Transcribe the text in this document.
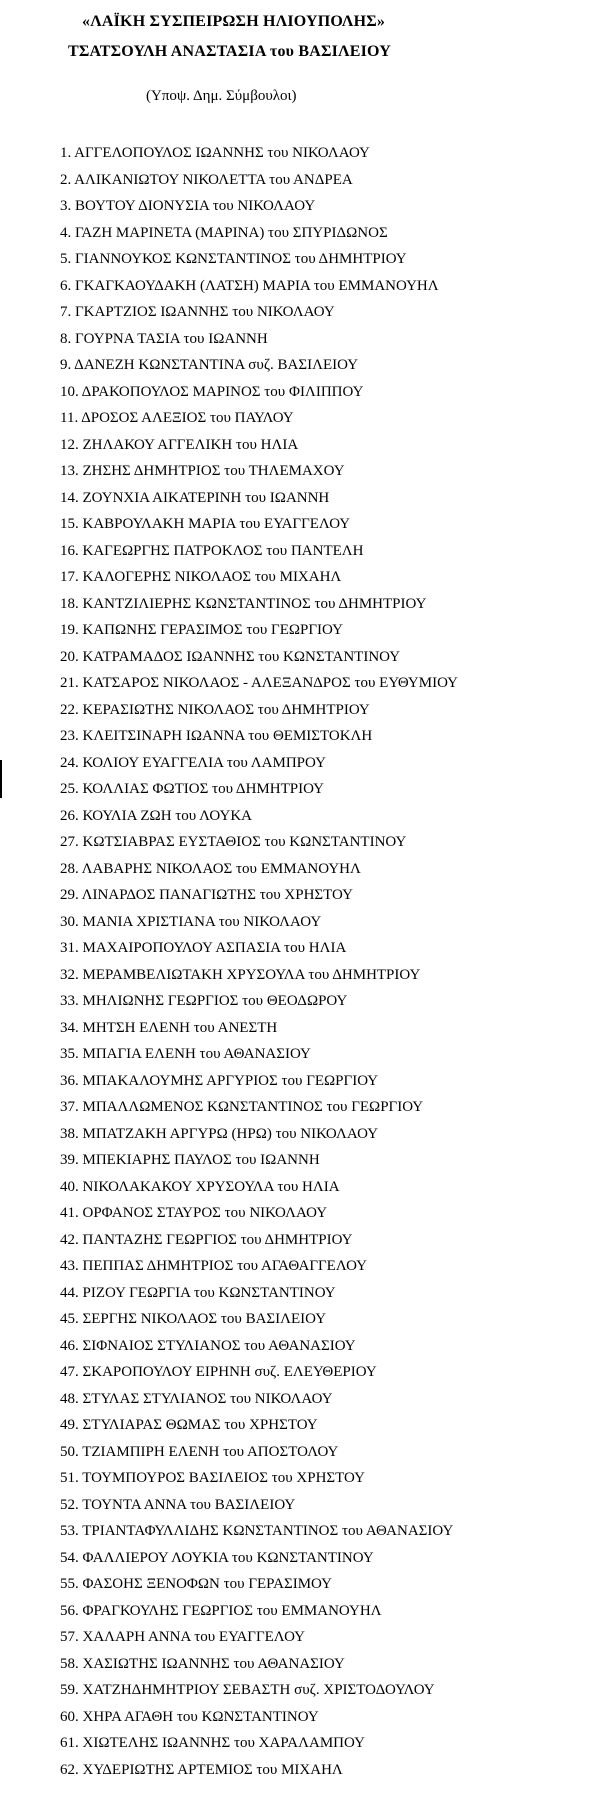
«ΛΑΪΚΗ ΣΥΣΠΕΙΡΩΣΗ ΗΛΙΟΥΠΟΛΗΣ»
ΤΣΑΤΣΟΥΛΗ ΑΝΑΣΤΑΣΙΑ του ΒΑΣΙΛΕΙΟΥ
(Υποψ. Δημ. Σύμβουλοι)
1. ΑΓΓΕΛΟΠΟΥΛΟΣ ΙΩΑΝΝΗΣ του ΝΙΚΟΛΑΟΥ
2. ΑΛΙΚΑΝΙΩΤΟΥ ΝΙΚΟΛΕΤΤΑ του ΑΝΔΡΕΑ
3. ΒΟΥΤΟΥ ΔΙΟΝΥΣΙΑ του ΝΙΚΟΛΑΟΥ
4. ΓΑΖΗ ΜΑΡΙΝΕΤΑ (ΜΑΡΙΝΑ) του ΣΠΥΡΙΔΩΝΟΣ
5. ΓΙΑΝΝΟΥΚΟΣ ΚΩΝΣΤΑΝΤΙΝΟΣ του ΔΗΜΗΤΡΙΟΥ
6. ΓΚΑΓΚΑΟΥΔΑΚΗ (ΛΑΤΣΗ) ΜΑΡΙΑ του ΕΜΜΑΝΟΥΗΛ
7. ΓΚΑΡΤΖΙΟΣ ΙΩΑΝΝΗΣ του ΝΙΚΟΛΑΟΥ
8. ΓΟΥΡΝΑ ΤΑΣΙΑ του ΙΩΑΝΝΗ
9. ΔΑΝΕΖΗ ΚΩΝΣΤΑΝΤΙΝΑ συζ. ΒΑΣΙΛΕΙΟΥ
10. ΔΡΑΚΟΠΟΥΛΟΣ ΜΑΡΙΝΟΣ του ΦΙΛΙΠΠΟΥ
11. ΔΡΟΣΟΣ ΑΛΕΞΙΟΣ του ΠΑΥΛΟΥ
12. ΖΗΛΑΚΟΥ ΑΓΓΕΛΙΚΗ του ΗΛΙΑ
13. ΖΗΣΗΣ ΔΗΜΗΤΡΙΟΣ του ΤΗΛΕΜΑΧΟΥ
14. ΖΟΥΝΧΙΑ ΑΙΚΑΤΕΡΙΝΗ του ΙΩΑΝΝΗ
15. ΚΑΒΡΟΥΛΑΚΗ ΜΑΡΙΑ του ΕΥΑΓΓΕΛΟΥ
16. ΚΑΓΕΩΡΓΗΣ ΠΑΤΡΟΚΛΟΣ του ΠΑΝΤΕΛΗ
17. ΚΑΛΟΓΕΡΗΣ ΝΙΚΟΛΑΟΣ του ΜΙΧΑΗΛ
18. ΚΑΝΤΖΙΛΙΕΡΗΣ ΚΩΝΣΤΑΝΤΙΝΟΣ του ΔΗΜΗΤΡΙΟΥ
19. ΚΑΠΩΝΗΣ ΓΕΡΑΣΙΜΟΣ του ΓΕΩΡΓΙΟΥ
20. ΚΑΤΡΑΜΑΔΟΣ ΙΩΑΝΝΗΣ του ΚΩΝΣΤΑΝΤΙΝΟΥ
21. ΚΑΤΣΑΡΟΣ ΝΙΚΟΛΑΟΣ - ΑΛΕΞΑΝΔΡΟΣ του ΕΥΘΥΜΙΟΥ
22. ΚΕΡΑΣΙΩΤΗΣ ΝΙΚΟΛΑΟΣ του ΔΗΜΗΤΡΙΟΥ
23. ΚΛΕΙΤΣΙΝΑΡΗ ΙΩΑΝΝΑ του ΘΕΜΙΣΤΟΚΛΗ
24. ΚΟΛΙΟΥ ΕΥΑΓΓΕΛΙΑ του ΛΑΜΠΡΟΥ
25. ΚΟΛΛΙΑΣ ΦΩΤΙΟΣ του ΔΗΜΗΤΡΙΟΥ
26. ΚΟΥΛΙΑ ΖΩΗ του ΛΟΥΚΑ
27. ΚΩΤΣΙΑΒΡΑΣ ΕΥΣΤΑΘΙΟΣ του ΚΩΝΣΤΑΝΤΙΝΟΥ
28. ΛΑΒΑΡΗΣ ΝΙΚΟΛΑΟΣ του ΕΜΜΑΝΟΥΗΛ
29. ΛΙΝΑΡΔΟΣ ΠΑΝΑΓΙΩΤΗΣ του ΧΡΗΣΤΟΥ
30. ΜΑΝΙΑ ΧΡΙΣΤΙΑΝΑ του ΝΙΚΟΛΑΟΥ
31. ΜΑΧΑΙΡΟΠΟΥΛΟΥ ΑΣΠΑΣΙΑ του ΗΛΙΑ
32. ΜΕΡΑΜΒΕΛΙΩΤΑΚΗ ΧΡΥΣΟΥΛΑ του ΔΗΜΗΤΡΙΟΥ
33. ΜΗΛΙΩΝΗΣ ΓΕΩΡΓΙΟΣ του ΘΕΟΔΩΡΟΥ
34. ΜΗΤΣΗ ΕΛΕΝΗ του ΑΝΕΣΤΗ
35. ΜΠΑΓΙΑ ΕΛΕΝΗ του ΑΘΑΝΑΣΙΟΥ
36. ΜΠΑΚΑΛΟΥΜΗΣ ΑΡΓΥΡΙΟΣ του ΓΕΩΡΓΙΟΥ
37. ΜΠΑΛΛΩΜΕΝΟΣ ΚΩΝΣΤΑΝΤΙΝΟΣ του ΓΕΩΡΓΙΟΥ
38. ΜΠΑΤΖΑΚΗ ΑΡΓΥΡΩ (ΗΡΩ) του ΝΙΚΟΛΑΟΥ
39. ΜΠΕΚΙΑΡΗΣ ΠΑΥΛΟΣ του ΙΩΑΝΝΗ
40. ΝΙΚΟΛΑΚΑΚΟΥ ΧΡΥΣΟΥΛΑ του ΗΛΙΑ
41. ΟΡΦΑΝΟΣ ΣΤΑΥΡΟΣ του ΝΙΚΟΛΑΟΥ
42. ΠΑΝΤΑΖΗΣ ΓΕΩΡΓΙΟΣ του ΔΗΜΗΤΡΙΟΥ
43. ΠΕΠΠΑΣ ΔΗΜΗΤΡΙΟΣ του ΑΓΑΘΑΓΓΕΛΟΥ
44. ΡΙΖΟΥ ΓΕΩΡΓΙΑ του ΚΩΝΣΤΑΝΤΙΝΟΥ
45. ΣΕΡΓΗΣ ΝΙΚΟΛΑΟΣ του ΒΑΣΙΛΕΙΟΥ
46. ΣΙΦΝΑΙΟΣ ΣΤΥΛΙΑΝΟΣ του ΑΘΑΝΑΣΙΟΥ
47. ΣΚΑΡΟΠΟΥΛΟΥ ΕΙΡΗΝΗ συζ. ΕΛΕΥΘΕΡΙΟΥ
48. ΣΤΥΛΑΣ ΣΤΥΛΙΑΝΟΣ του ΝΙΚΟΛΑΟΥ
49. ΣΤΥΛΙΑΡΑΣ ΘΩΜΑΣ του ΧΡΗΣΤΟΥ
50. ΤΖΙΑΜΠΙΡΗ ΕΛΕΝΗ του ΑΠΟΣΤΟΛΟΥ
51. ΤΟΥΜΠΟΥΡΟΣ ΒΑΣΙΛΕΙΟΣ του ΧΡΗΣΤΟΥ
52. ΤΟΥΝΤΑ ΑΝΝΑ του ΒΑΣΙΛΕΙΟΥ
53. ΤΡΙΑΝΤΑΦΥΛΛΙΔΗΣ ΚΩΝΣΤΑΝΤΙΝΟΣ του ΑΘΑΝΑΣΙΟΥ
54. ΦΑΛΛΙΕΡΟΥ ΛΟΥΚΙΑ του ΚΩΝΣΤΑΝΤΙΝΟΥ
55. ΦΑΣΟΗΣ ΞΕΝΟΦΩΝ του ΓΕΡΑΣΙΜΟΥ
56. ΦΡΑΓΚΟΥΛΗΣ ΓΕΩΡΓΙΟΣ του ΕΜΜΑΝΟΥΗΛ
57. ΧΑΛΑΡΗ ΑΝΝΑ του ΕΥΑΓΓΕΛΟΥ
58. ΧΑΣΙΩΤΗΣ ΙΩΑΝΝΗΣ του ΑΘΑΝΑΣΙΟΥ
59. ΧΑΤΖΗΔΗΜΗΤΡΙΟΥ ΣΕΒΑΣΤΗ συζ. ΧΡΙΣΤΟΔΟΥΛΟΥ
60. ΧΗΡΑ ΑΓΑΘΗ του ΚΩΝΣΤΑΝΤΙΝΟΥ
61. ΧΙΩΤΕΛΗΣ ΙΩΑΝΝΗΣ του ΧΑΡΑΛΑΜΠΟΥ
62. ΧΥΔΕΡΙΩΤΗΣ ΑΡΤΕΜΙΟΣ του ΜΙΧΑΗΛ
